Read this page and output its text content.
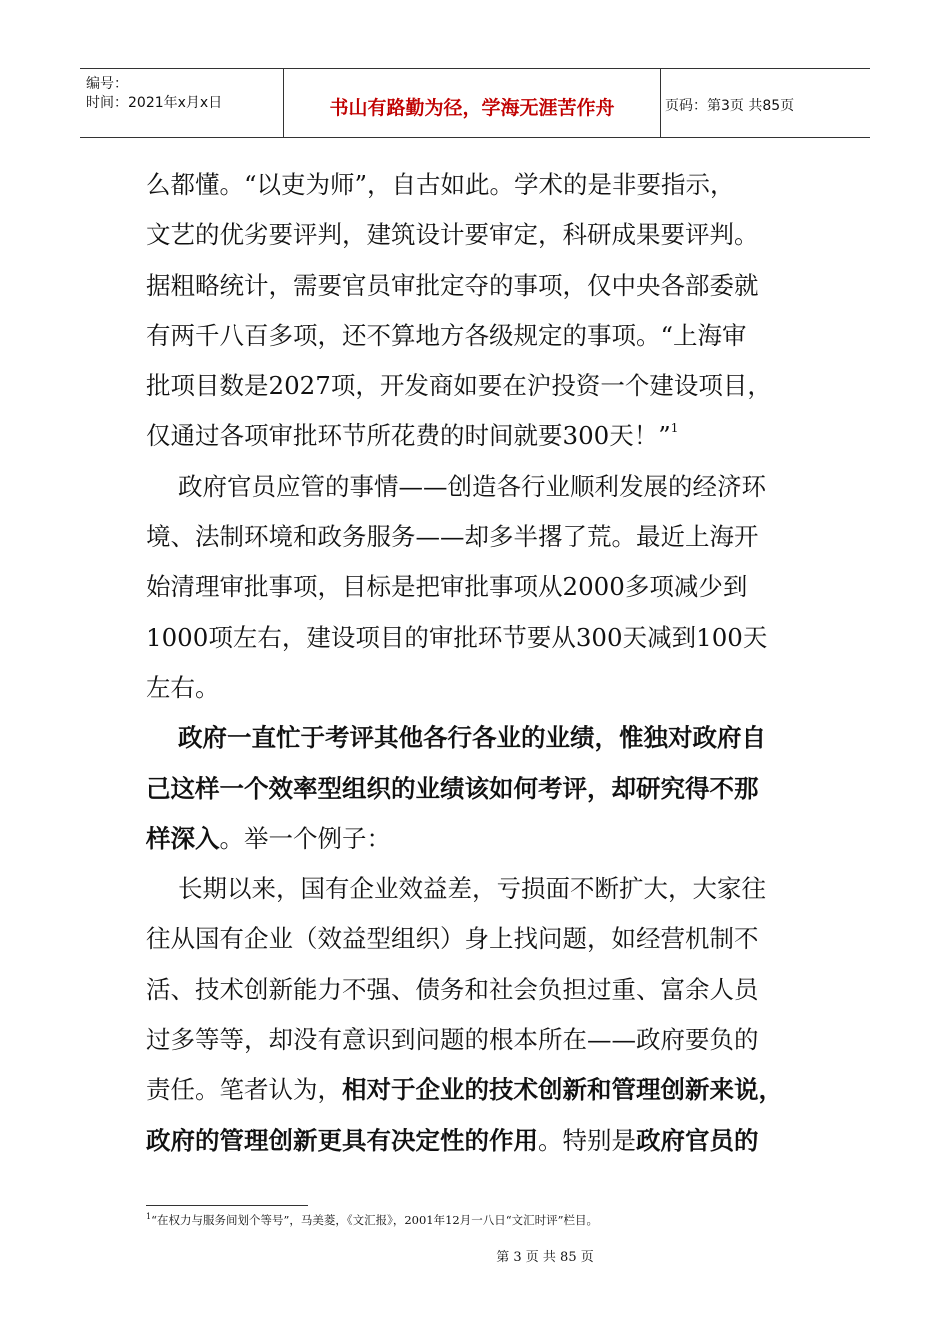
编号：
时间：2021年x月x日	书山有路勤为径，学海无涯苦作舟	页码：第3页 共85页
么都懂。“以吏为师”，自古如此。学术的是非要指示，
文艺的优劣要评判，建筑设计要审定，科研成果要评判。
据粗略统计，需要官员审批定夺的事项，仅中央各部委就
有两千八百多项，还不算地方各级规定的事项。“上海审
批项目数是2027项，开发商如要在沪投资一个建设项目，
仅通过各项审批环节所花费的时间就要300天！”$^1$
政府官员应管的事情——创造各行业顺利发展的经济环
境、法制环境和政务服务——却多半撂了荒。最近上海开
始清理审批事项，目标是把审批事项从2000多项减少到
1000项左右，建设项目的审批环节要从300天减到100天
左右。
政府一直忙于考评其他各行各业的业绩，惟独对政府自
己这样一个效率型组织的业绩该如何考评，却研究得不那
样深入。举一个例子：
长期以来，国有企业效益差，亏损面不断扩大，大家往
往从国有企业（效益型组织）身上找问题，如经营机制不
活、技术创新能力不强、债务和社会负担过重、富余人员
过多等等，却没有意识到问题的根本所在——政府要负的
责任。笔者认为，相对于企业的技术创新和管理创新来说，
政府的管理创新更具有决定性的作用。特别是政府官员的
$^1$“在权力与服务间划个等号”，马美菱，《文汇报》，2001年12月一八日“文汇时评”栏目。
第 3 页 共 85 页
